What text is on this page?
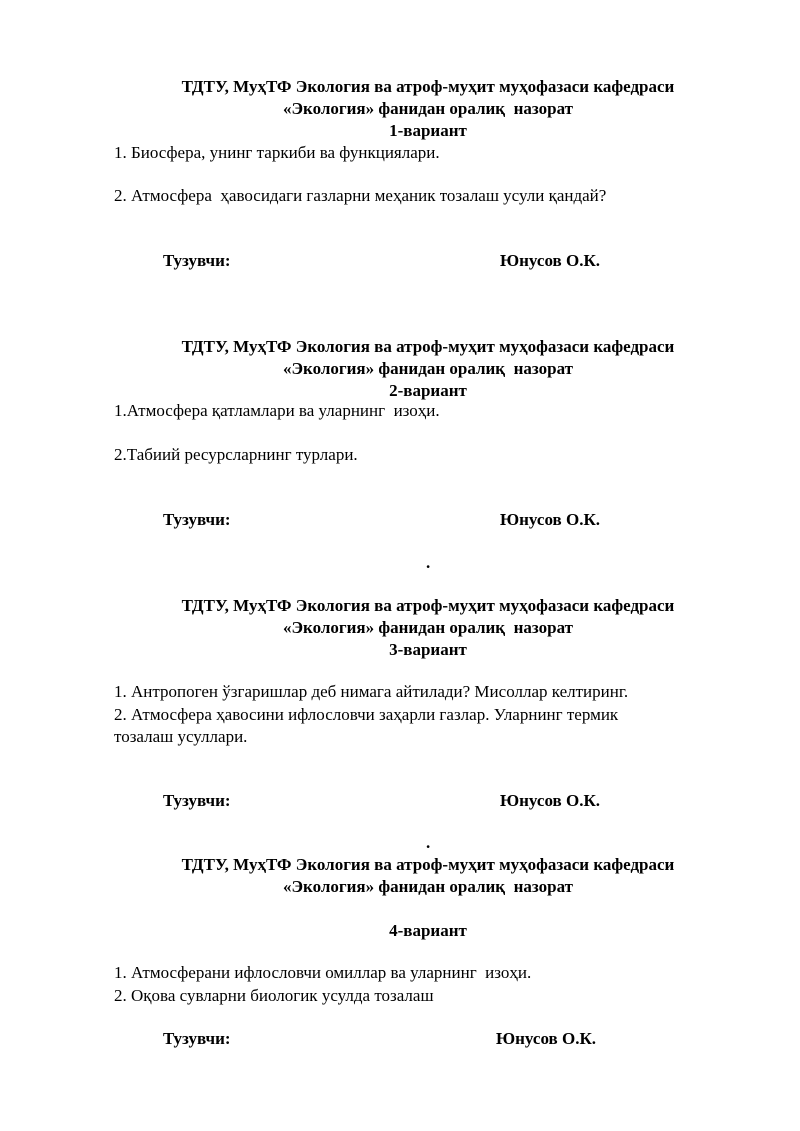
ТДТУ, МуҳТФ Экология ва атроф-муҳит муҳофазаси кафедраси
«Экология» фанидан оралиқ  назорат
1-вариант
1. Биосфера, унинг таркиби ва функциялари.
2. Атмосфера  ҳавосидаги газларни меҳаник тозалаш усули қандай?
Тузувчи:	Юнусов О.К.
ТДТУ, МуҳТФ Экология ва атроф-муҳит муҳофазаси кафедраси
«Экология» фанидан оралиқ  назорат
2-вариант
1.Атмосфера қатламлари ва уларнинг  изоҳи.
2.Табиий ресурсларнинг турлари.
Тузувчи:	Юнусов О.К.
.
ТДТУ, МуҳТФ Экология ва атроф-муҳит муҳофазаси кафедраси
«Экология» фанидан оралиқ  назорат
3-вариант
1. Антропоген ўзгаришлар деб нимага айтилади? Мисоллар келтиринг.
2. Атмосфера ҳавосини ифлословчи заҳарли газлар. Уларнинг термик
тозалаш усуллари.
Тузувчи:	Юнусов О.К.
.
ТДТУ, МуҳТФ Экология ва атроф-муҳит муҳофазаси кафедраси
«Экология» фанидан оралиқ  назорат
4-вариант
1. Атмосферани ифлословчи омиллар ва уларнинг  изоҳи.
2. Оқова сувларни биологик усулда тозалаш
Тузувчи:	Юнусов О.К.
